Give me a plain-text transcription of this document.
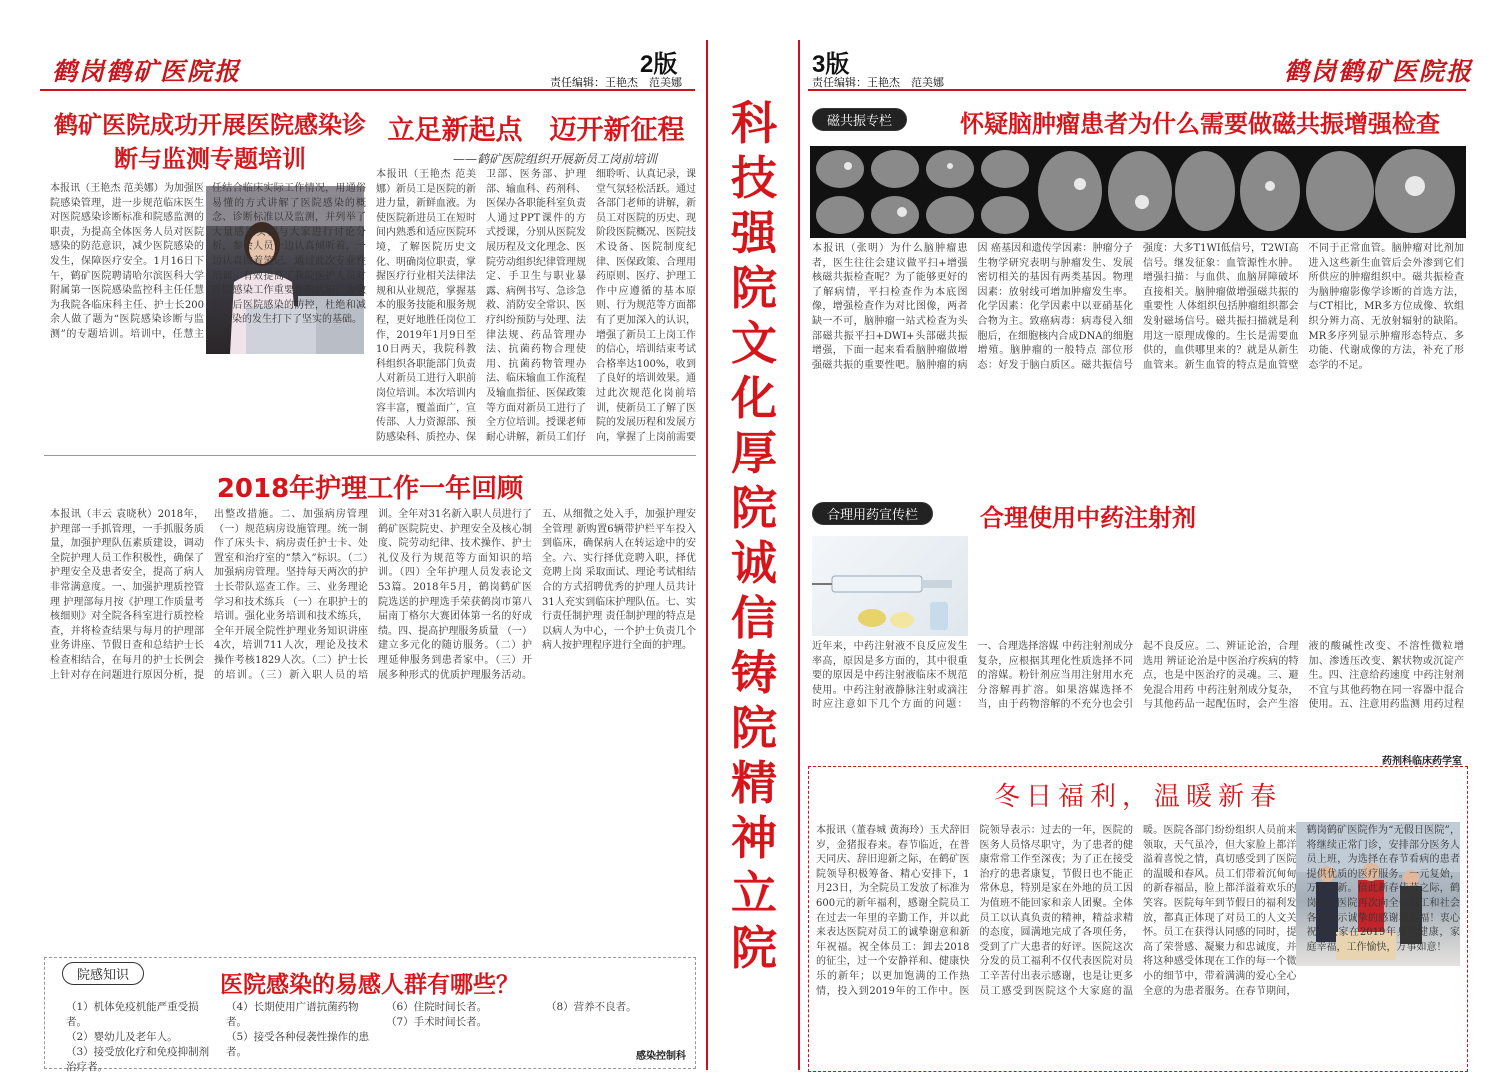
鹤岗鹤矿医院报	2版
责任编辑：王艳杰　范美娜
鹤矿医院成功开展医院感染诊断与监测专题培训
本报讯（王艳杰 范美娜）为加强医院感染管理，进一步规范临床医生对医院感染诊断标准和院感监测的职责，为提高全体医务人员对医院感染的防范意识，减少医院感染的发生，保障医疗安全。1月16日下午，鹤矿医院聘请哈尔滨医科大学附属第一医院感染监控科主任任慧为我院各临床科主任、护士长200余人做了题为“医院感染诊断与监测”的专题培训。培训中，任慧主任结合临床实际工作情况，用通俗易懂的方式讲解了医院感染的概念、诊断标准以及监测，并列举了大量感染实例与大家进行讨论分析，参会人员一边认真倾听着，一边认真做着笔记。通过此次专业性培训，有效提高了我院医护人员对医院感染工作重要性的认识，为做好今后医院感染的防控，杜绝和减少感染的发生打下了坚实的基础。
立足新起点　迈开新征程
——鹤矿医院组织开展新员工岗前培训
本报讯（王艳杰 范美娜）新员工是医院的新进力量，新鲜血液。为使医院新进员工在短时间内熟悉和适应医院环境，了解医院历史文化、明确岗位职责，掌握医疗行业相关法律法规和从业规范，掌握基本的服务技能和服务规程，更好地胜任岗位工作，2019年1月9日至10日两天，我院科教科组织各职能部门负责人对新员工进行入职前岗位培训。本次培训内容丰富，覆盖面广，宣传部、人力资源部、预防感染科、质控办、保卫部、医务部、护理部、输血科、药剂科、医保办各职能科室负责人通过PPT课件的方式授课，分别从医院发展历程及文化理念、医院劳动组织纪律管理规定、手卫生与职业暴露、病例书写、急诊急救、消防安全常识、医疗纠纷预防与处理、法律法规、药品管理办法、抗菌药物合理使用、抗菌药物管理办法、临床输血工作流程及输血指征、医保政策等方面对新员工进行了全方位培训。授课老师耐心讲解，新员工们仔细聆听、认真记录，课堂气氛轻松活跃。通过各部门老师的讲解，新员工对医院的历史、现阶段医院概况、医院技术设备、医院制度纪律、医保政策、合理用药原则、医疗、护理工作中应遵循的基本原则、行为规范等方面都有了更加深入的认识，增强了新员工上岗工作的信心，培训结束考试合格率达100%，收到了良好的培训效果。通过此次规范化岗前培训，使新员工了解了医院的发展历程和发展方向，掌握了上岗前需要
2018年护理工作一年回顾
本报讯（丰云 袁晓秋）2018年，护理部一手抓管理，一手抓服务质量，加强护理队伍素质建设，调动全院护理人员工作积极性，确保了护理安全及患者安全，提高了病人非常满意度。一、加强护理质控管理 护理部每月按《护理工作质量考核细则》对全院各科室进行质控检查，并将检查结果与每月的护理部业务讲座、节假日查和总结护士长检查相结合，在每月的护士长例会上针对存在问题进行原因分析，提出整改措施。二、加强病房管理 （一）规范病房设施管理。统一制作了床头卡、病房责任护士卡、处置室和治疗室的“禁入”标识。（二）加强病房管理。坚持每天两次的护士长带队巡查工作。三、业务理论学习和技术练兵 （一）在职护士的培训。强化业务培训和技术练兵，全年开展全院性护理业务知识讲座4次，培训711人次，理论及技术操作考核1829人次。（二）护士长的培训。（三）新入职人员的培训。全年对31名新入职人员进行了鹤矿医院院史、护理安全及核心制度、院劳动纪律、技术操作、护士礼仪及行为规范等方面知识的培训。（四）全年护理人员发表论文53篇。2018年5月，鹤岗鹤矿医院选送的护理选手荣获鹤岗市第八届南丁格尔大赛团体第一名的好成绩。四、提高护理服务质量 （一）建立多元化的随访服务。（二）护理延伸服务到患者家中。（三）开展多种形式的优质护理服务活动。五、从细微之处入手，加强护理安全管理 新购置6辆带护栏平车投入到临床，确保病人在转运途中的安全。六、实行择优竞聘入职，择优竞聘上岗 采取面试、理论考试相结合的方式招聘优秀的护理人员共计31人充实到临床护理队伍。七、实行责任制护理 责任制护理的特点是以病人为中心，一个护士负责几个病人按护理程序进行全面的护理。
院感知识	医院感染的易感人群有哪些？
（1）机体免疫机能严重受损者。
（2）婴幼儿及老年人。
（3）接受放化疗和免疫抑制剂治疗者。
（4）长期使用广谱抗菌药物者。
（5）接受各种侵袭性操作的患者。
（6）住院时间长者。
（7）手术时间长者。
（8）营养不良者。
感染控制科
科技强院 文化厚院 诚信铸院 精神立院
3版
责任编辑：王艳杰　范美娜	鹤岗鹤矿医院报
磁共振专栏	怀疑脑肿瘤患者为什么需要做磁共振增强检查
本报讯（张明）为什么脑肿瘤患者，医生往往会建议做平扫+增强核磁共振检查呢？为了能够更好的了解病情，平扫检查作为本底图像，增强检查作为对比图像，两者缺一不可，脑肿瘤一站式检查为头部磁共振平扫+DWI+头部磁共振增强，下面一起来看看脑肿瘤做增强磁共振的重要性吧。脑肿瘤的病因 癌基因和遗传学因素：肿瘤分子生物学研究表明与肿瘤发生、发展密切相关的基因有两类基因。物理因素：放射线可增加肿瘤发生率。化学因素：化学因素中以亚硝基化合物为主。致癌病毒：病毒侵入细胞后，在细胞核内合成DNA的细胞增殖。脑肿瘤的一般特点 部位形态：好发于脑白质区。磁共振信号强度：大多T1WI低信号，T2WI高信号。继发征象：血管源性水肿。增强扫描：与血供、血脑屏障破坏直接相关。脑肿瘤做增强磁共振的重要性 人体组织包括肿瘤组织都会发射磁场信号。磁共振扫描就是利用这一原理成像的。生长是需要血供的，血供哪里来的？就是从新生血管来。新生血管的特点是血管壁不同于正常血管。脑肿瘤对比剂加进入这些新生血管后会外渗到它们所供应的肿瘤组织中。磁共振检查为脑肿瘤影像学诊断的首选方法，与CT相比，MR多方位成像、软组织分辨力高、无放射辐射的缺陷。MR多序列显示肿瘤形态特点、多功能、代谢成像的方法，补充了形态学的不足。
合理用药宣传栏	合理使用中药注射剂
近年来，中药注射液不良反应发生率高，原因是多方面的，其中很重要的原因是中药注射液临床不规范使用。中药注射液静脉注射或滴注时应注意如下几个方面的问题：一、合理选择溶媒 中药注射剂成分复杂，应根据其理化性质选择不同的溶媒。粉针剂应当用注射用水充分溶解再扩溶。如果溶媒选择不当，由于药物溶解的不充分也会引起不良反应。二、辨证论治，合理选用 辨证论治是中医治疗疾病的特点，也是中医治疗的灵魂。三、避免混合用药 中药注射剂成分复杂，与其他药品一起配伍时，会产生溶液的酸碱性改变、不溶性微粒增加、渗透压改变、絮状物或沉淀产生。四、注意给药速度 中药注射剂不宜与其他药物在同一容器中混合使用。五、注意用药监测 用药过程
药剂科临床药学室
冬日福利，温暖新春
本报讯（董春城 黄海玲）玉犬辞旧岁，金猪报春来。春节临近，在普天同庆、辞旧迎新之际，在鹤矿医院领导积极筹备、精心安排下，1月23日，为全院员工发放了标准为600元的新年福利，感谢全院员工在过去一年里的辛勤工作，并以此来表达医院对员工的诚挚谢意和新年祝福。祝全体员工：卸去2018的征尘，过一个安静祥和、健康快乐的新年；以更加饱满的工作热情，投入到2019年的工作中。医院领导表示：过去的一年，医院的医务人员恪尽职守，为了患者的健康常常工作至深夜；为了正在接受治疗的患者康复，节假日也不能正常休息，特别是家在外地的员工因为值班不能回家和亲人团聚。全体员工以认真负责的精神，精益求精的态度，圆满地完成了各项任务，受到了广大患者的好评。医院这次分发的员工福利不仅代表医院对员工辛苦付出表示感谢，也是让更多员工感受到医院这个大家庭的温暖。医院各部门纷纷组织人员前来领取，天气虽冷，但大家脸上都洋溢着喜悦之情，真切感受到了医院的温暖和春风。员工们带着沉甸甸的新春福品，脸上都洋溢着欢乐的笑容。医院每年到节假日的福利发放，都真正体现了对员工的人文关怀。员工在获得认同感的同时，提高了荣誉感、凝聚力和忠诚度，并将这种感受体现在工作的每一个微小的细节中，带着满满的爱心全心全意的为患者服务。在春节期间，鹤岗鹤矿医院作为“无假日医院”，将继续正常门诊，安排部分医务人员上班，为选择在春节看病的患者提供优质的医疗服务。一元复始，万象更新。值此新春佳节之际，鹤岗鹤矿医院再次向全体员工和社会各界表示诚挚的感谢和祝福！衷心祝愿大家在2019年身体健康，家庭幸福，工作愉快，万事如意！
